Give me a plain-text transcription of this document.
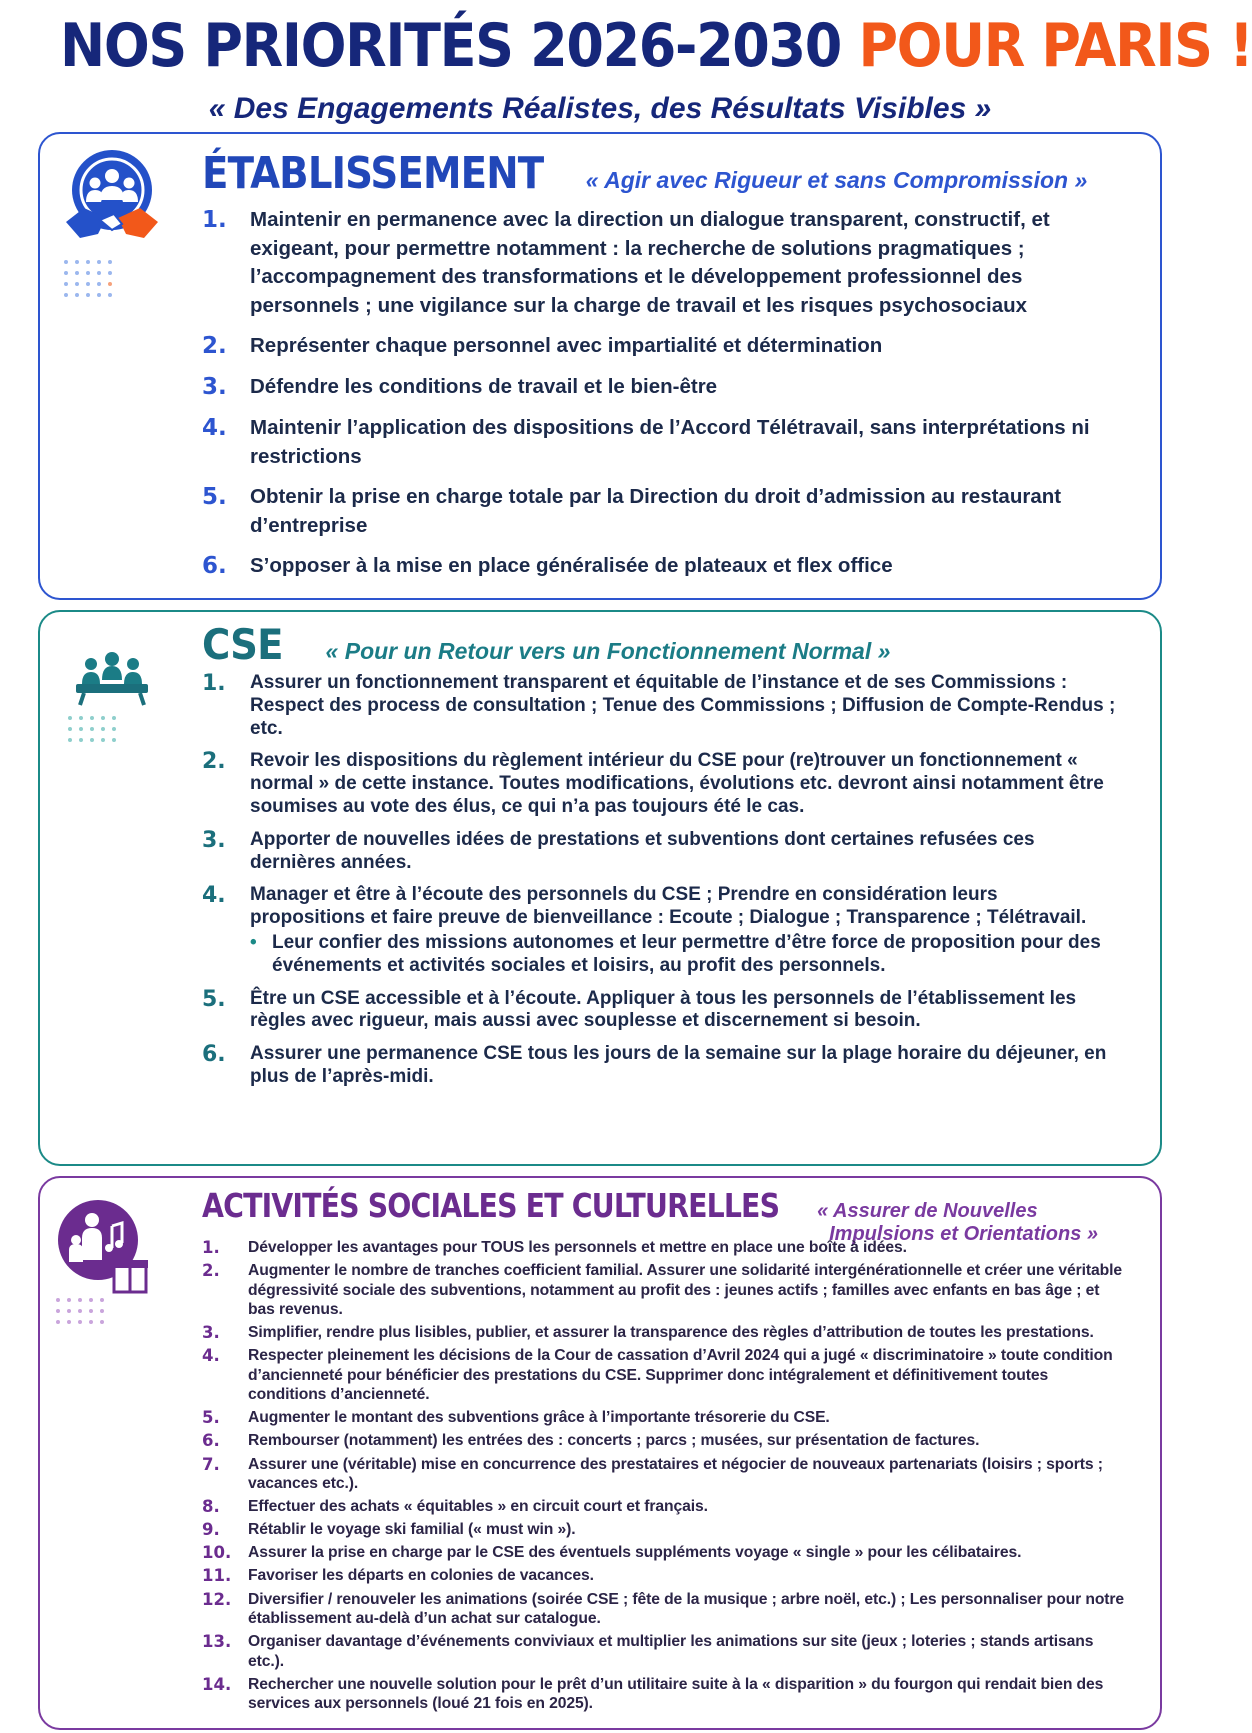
NOS PRIORITÉS 2026-2030 POUR PARIS !
« Des Engagements Réalistes, des Résultats Visibles »
ÉTABLISSEMENT « Agir avec Rigueur et sans Compromission »
1.	Maintenir en permanence avec la direction un dialogue transparent, constructif, et exigeant, pour permettre notamment : la recherche de solutions pragmatiques ; l’accompagnement des transformations et le développement professionnel des personnels ; une vigilance sur la charge de travail et les risques psychosociaux
2.	Représenter chaque personnel avec impartialité et détermination
3.	Défendre les conditions de travail et le bien-être
4.	Maintenir l’application des dispositions de l’Accord Télétravail, sans interprétations ni restrictions
5.	Obtenir la prise en charge totale par la Direction du droit d’admission au restaurant d’entreprise
6.	S’opposer à la mise en place généralisée de plateaux et flex office
CSE « Pour un Retour vers un Fonctionnement Normal »
1.	Assurer un fonctionnement transparent et équitable de l’instance et de ses Commissions : Respect des process de consultation ; Tenue des Commissions ; Diffusion de Compte-Rendus ; etc.
2.	Revoir les dispositions du règlement intérieur du CSE pour (re)trouver un fonctionnement « normal » de cette instance. Toutes modifications, évolutions etc. devront ainsi notamment être soumises au vote des élus, ce qui n’a pas toujours été le cas.
3.	Apporter de nouvelles idées de prestations et subventions dont certaines refusées ces dernières années.
4.	Manager et être à l’écoute des personnels du CSE ; Prendre en considération leurs propositions et faire preuve de bienveillance : Ecoute ; Dialogue ; Transparence ; Télétravail.
• Leur confier des missions autonomes et leur permettre d’être force de proposition pour des événements et activités sociales et loisirs, au profit des personnels.
5.	Être un CSE accessible et à l’écoute. Appliquer à tous les personnels de l’établissement les règles avec rigueur, mais aussi avec souplesse et discernement si besoin.
6.	Assurer une permanence CSE tous les jours de la semaine sur la plage horaire du déjeuner, en plus de l’après-midi.
ACTIVITÉS SOCIALES ET CULTURELLES « Assurer de Nouvelles
Impulsions et Orientations »
1.	Développer les avantages pour TOUS les personnels et mettre en place une boîte à idées.
2.	Augmenter le nombre de tranches coefficient familial. Assurer une solidarité intergénérationnelle et créer une véritable dégressivité sociale des subventions, notamment au profit des : jeunes actifs ; familles avec enfants en bas âge ; et bas revenus.
3.	Simplifier, rendre plus lisibles, publier, et assurer la transparence des règles d’attribution de toutes les prestations.
4.	Respecter pleinement les décisions de la Cour de cassation d’Avril 2024 qui a jugé « discriminatoire » toute condition d’ancienneté pour bénéficier des prestations du CSE. Supprimer donc intégralement et définitivement toutes conditions d’ancienneté.
5.	Augmenter le montant des subventions grâce à l’importante trésorerie du CSE.
6.	Rembourser (notamment) les entrées des : concerts ; parcs ; musées, sur présentation de factures.
7.	Assurer une (véritable) mise en concurrence des prestataires et négocier de nouveaux partenariats (loisirs ; sports ; vacances etc.).
8.	Effectuer des achats « équitables » en circuit court et français.
9.	Rétablir le voyage ski familial (« must win »).
10.	Assurer la prise en charge par le CSE des éventuels suppléments voyage « single » pour les célibataires.
11.	Favoriser les départs en colonies de vacances.
12.	Diversifier / renouveler les animations (soirée CSE ; fête de la musique ; arbre noël, etc.) ; Les personnaliser pour notre établissement au-delà d’un achat sur catalogue.
13.	Organiser davantage d’événements conviviaux et multiplier les animations sur site (jeux ; loteries ; stands artisans etc.).
14.	Rechercher une nouvelle solution pour le prêt d’un utilitaire suite à la « disparition » du fourgon qui rendait bien des services aux personnels (loué 21 fois en 2025).
